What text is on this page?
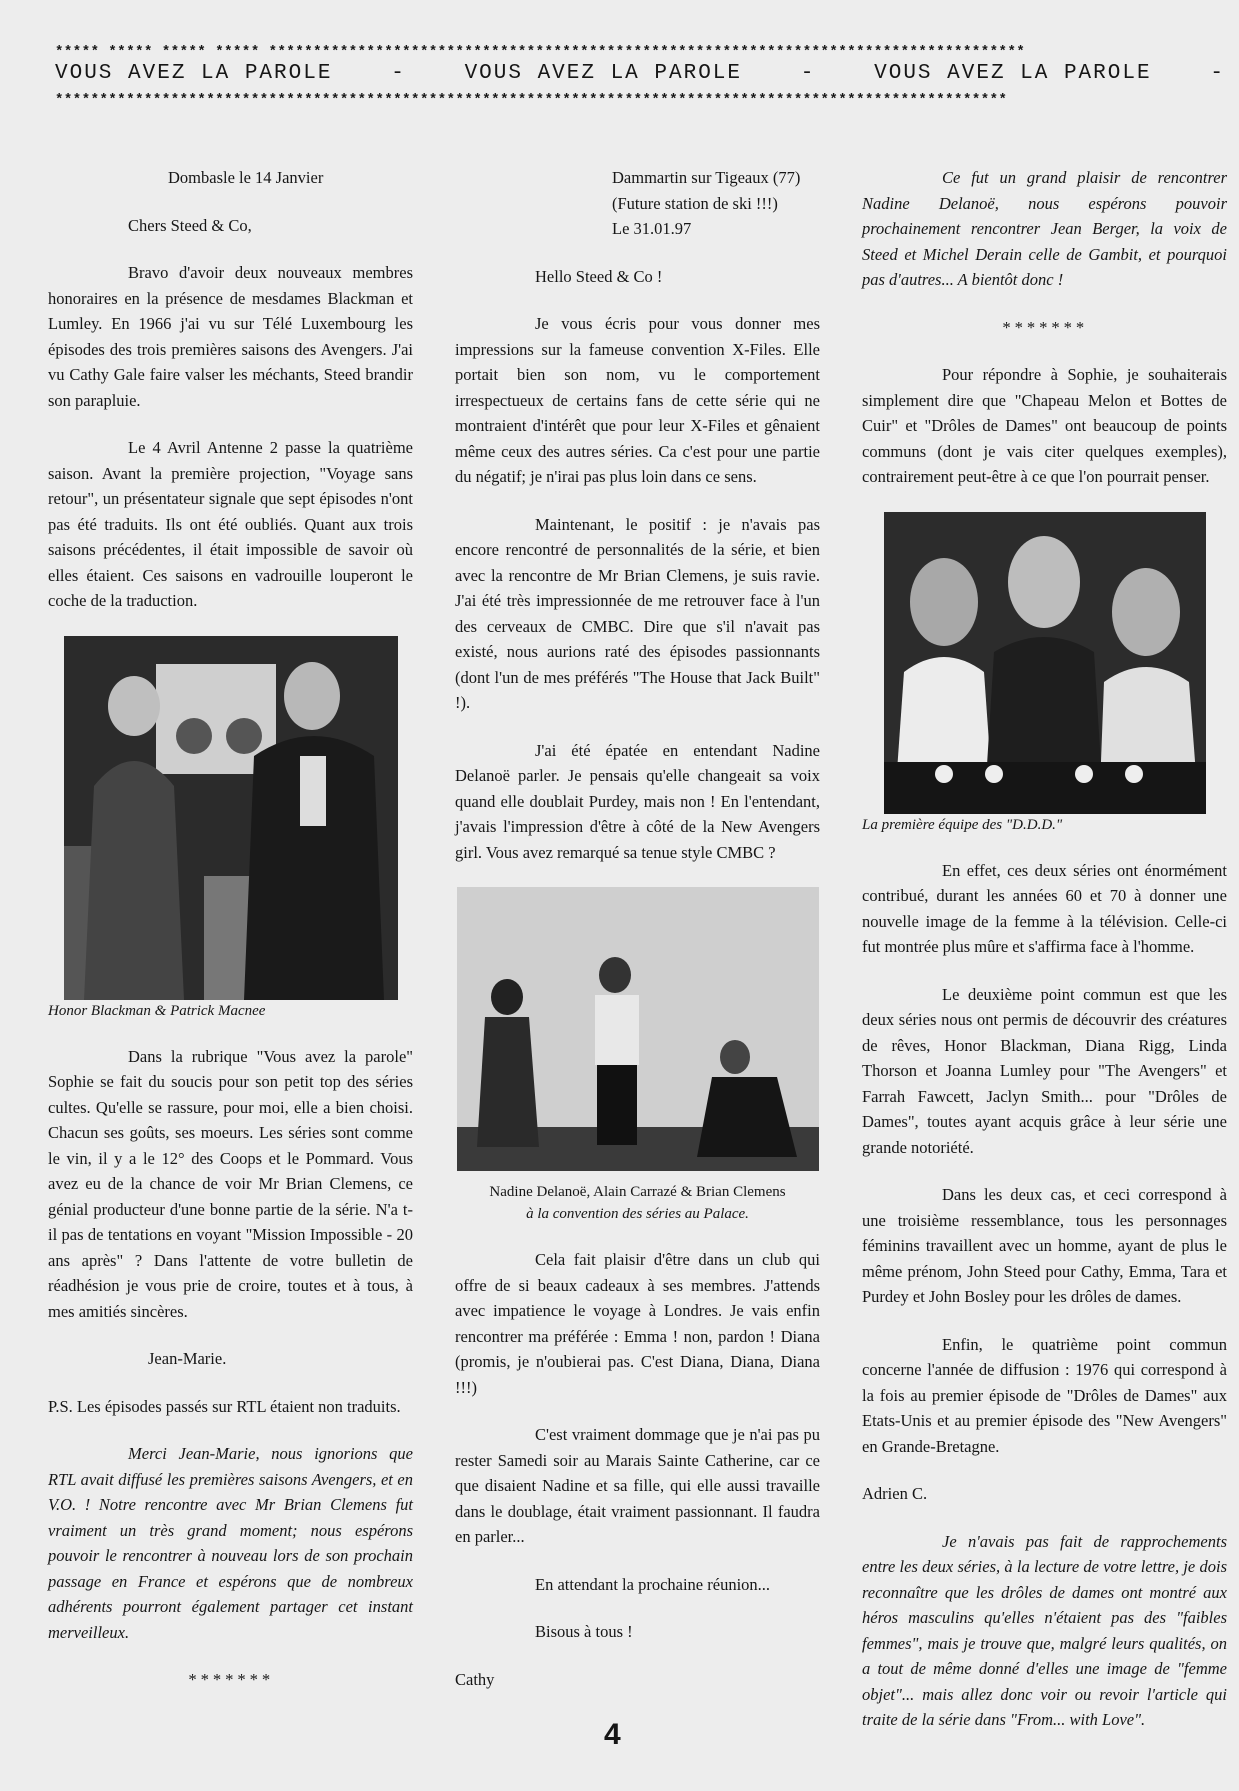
***** ***** ***** ***** *************************************************************************************
VOUS AVEZ LA PAROLE	-	VOUS AVEZ LA PAROLE	-	VOUS AVEZ LA PAROLE	-
***********************************************************************************************************

Dombasle le 14 Janvier

Chers Steed & Co,

Bravo d'avoir deux nouveaux membres honoraires en la présence de mesdames Blackman et Lumley. En 1966 j'ai vu sur Télé Luxembourg les épisodes des trois premières saisons des Avengers. J'ai vu Cathy Gale faire valser les méchants, Steed brandir son parapluie.

Le 4 Avril Antenne 2 passe la quatrième saison. Avant la première projection, "Voyage sans retour", un présentateur signale que sept épisodes n'ont pas été traduits. Ils ont été oubliés. Quant aux trois saisons précédentes, il était impossible de savoir où elles étaient. Ces saisons en vadrouille louperont le coche de la traduction.

Honor Blackman & Patrick Macnee

Dans la rubrique "Vous avez la parole" Sophie se fait du soucis pour son petit top des séries cultes. Qu'elle se rassure, pour moi, elle a bien choisi. Chacun ses goûts, ses moeurs. Les séries sont comme le vin, il y a le 12° des Coops et le Pommard. Vous avez eu de la chance de voir Mr Brian Clemens, ce génial producteur d'une bonne partie de la série. N'a t-il pas de tentations en voyant "Mission Impossible - 20 ans après" ? Dans l'attente de votre bulletin de réadhésion je vous prie de croire, toutes et à tous, à mes amitiés sincères.

Jean-Marie.

P.S. Les épisodes passés sur RTL étaient non traduits.

Merci Jean-Marie, nous ignorions que RTL avait diffusé les premières saisons Avengers, et en V.O. ! Notre rencontre avec Mr Brian Clemens fut vraiment un très grand moment; nous espérons pouvoir le rencontrer à nouveau lors de son prochain passage en France et espérons que de nombreux adhérents pourront également partager cet instant merveilleux.

*******
Dammartin sur Tigeaux (77)
(Future station de ski !!!)
Le 31.01.97

Hello Steed & Co !

Je vous écris pour vous donner mes impressions sur la fameuse convention X-Files. Elle portait bien son nom, vu le comportement irrespectueux de certains fans de cette série qui ne montraient d'intérêt que pour leur X-Files et gênaient même ceux des autres séries. Ca c'est pour une partie du négatif; je n'irai pas plus loin dans ce sens.

Maintenant, le positif : je n'avais pas encore rencontré de personnalités de la série, et bien avec la rencontre de Mr Brian Clemens, je suis ravie. J'ai été très impressionnée de me retrouver face à l'un des cerveaux de CMBC. Dire que s'il n'avait pas existé, nous aurions raté des épisodes passionnants (dont l'un de mes préférés "The House that Jack Built" !).

J'ai été épatée en entendant Nadine Delanoë parler. Je pensais qu'elle changeait sa voix quand elle doublait Purdey, mais non ! En l'entendant, j'avais l'impression d'être à côté de la New Avengers girl. Vous avez remarqué sa tenue style CMBC ?

Nadine Delanoë, Alain Carrazé & Brian Clemens
à la convention des séries au Palace.

Cela fait plaisir d'être dans un club qui offre de si beaux cadeaux à ses membres. J'attends avec impatience le voyage à Londres. Je vais enfin rencontrer ma préférée : Emma ! non, pardon ! Diana (promis, je n'oubierai pas. C'est Diana, Diana, Diana !!!)

C'est vraiment dommage que je n'ai pas pu rester Samedi soir au Marais Sainte Catherine, car ce que disaient Nadine et sa fille, qui elle aussi travaille dans le doublage, était vraiment passionnant. Il faudra en parler...

En attendant la prochaine réunion...

Bisous à tous !

Cathy

Ce fut un grand plaisir de rencontrer Nadine Delanoë, nous espérons pouvoir prochainement rencontrer Jean Berger, la voix de Steed et Michel Derain celle de Gambit, et pourquoi pas d'autres... A bientôt donc !

*******

Pour répondre à Sophie, je souhaiterais simplement dire que "Chapeau Melon et Bottes de Cuir" et "Drôles de Dames" ont beaucoup de points communs (dont je vais citer quelques exemples), contrairement peut-être à ce que l'on pourrait penser.

La première équipe des "D.D.D."

En effet, ces deux séries ont énormément contribué, durant les années 60 et 70 à donner une nouvelle image de la femme à la télévision. Celle-ci fut montrée plus mûre et s'affirma face à l'homme.

Le deuxième point commun est que les deux séries nous ont permis de découvrir des créatures de rêves, Honor Blackman, Diana Rigg, Linda Thorson et Joanna Lumley pour "The Avengers" et Farrah Fawcett, Jaclyn Smith... pour "Drôles de Dames", toutes ayant acquis grâce à leur série une grande notoriété.

Dans les deux cas, et ceci correspond à une troisième ressemblance, tous les personnages féminins travaillent avec un homme, ayant de plus le même prénom, John Steed pour Cathy, Emma, Tara et Purdey et John Bosley pour les drôles de dames.

Enfin, le quatrième point commun concerne l'année de diffusion : 1976 qui correspond à la fois au premier épisode de "Drôles de Dames" aux Etats-Unis et au premier épisode des "New Avengers" en Grande-Bretagne.

Adrien C.

Je n'avais pas fait de rapprochements entre les deux séries, à la lecture de votre lettre, je dois reconnaître que les drôles de dames ont montré aux héros masculins qu'elles n'étaient pas des "faibles femmes", mais je trouve que, malgré leurs qualités, on a tout de même donné d'elles une image de "femme objet"... mais allez donc voir ou revoir l'article qui traite de la série dans "From... with Love".

4
